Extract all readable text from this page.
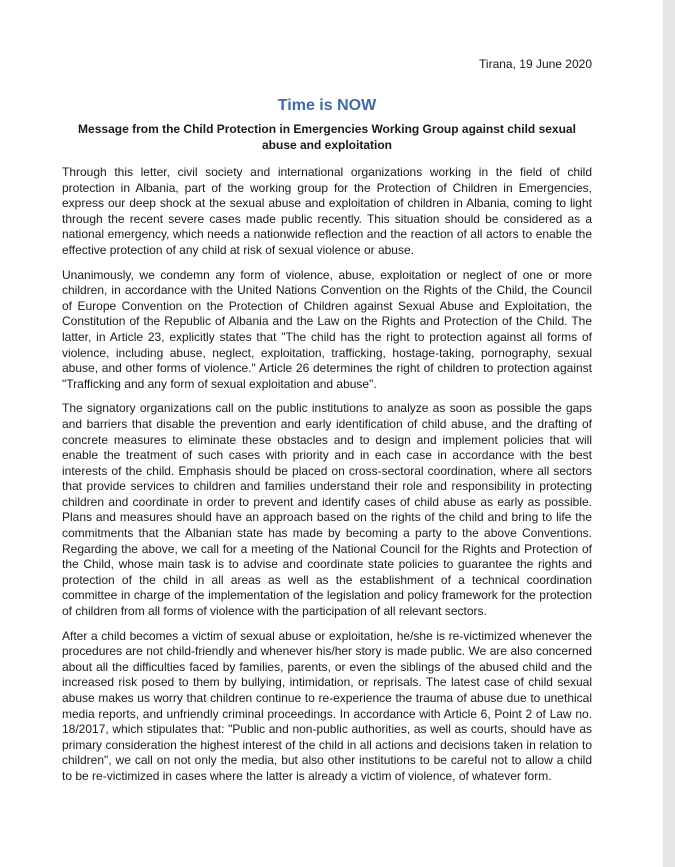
Tirana, 19 June 2020
Time is NOW
Message from the Child Protection in Emergencies Working Group against child sexual abuse and exploitation

Through this letter, civil society and international organizations working in the field of child protection in Albania, part of the working group for the Protection of Children in Emergencies, express our deep shock at the sexual abuse and exploitation of children in Albania, coming to light through the recent severe cases made public recently. This situation should be considered as a national emergency, which needs a nationwide reflection and the reaction of all actors to enable the effective protection of any child at risk of sexual violence or abuse.

Unanimously, we condemn any form of violence, abuse, exploitation or neglect of one or more children, in accordance with the United Nations Convention on the Rights of the Child, the Council of Europe Convention on the Protection of Children against Sexual Abuse and Exploitation, the Constitution of the Republic of Albania and the Law on the Rights and Protection of the Child. The latter, in Article 23, explicitly states that "The child has the right to protection against all forms of violence, including abuse, neglect, exploitation, trafficking, hostage-taking, pornography, sexual abuse, and other forms of violence." Article 26 determines the right of children to protection against "Trafficking and any form of sexual exploitation and abuse".

The signatory organizations call on the public institutions to analyze as soon as possible the gaps and barriers that disable the prevention and early identification of child abuse, and the drafting of concrete measures to eliminate these obstacles and to design and implement policies that will enable the treatment of such cases with priority and in each case in accordance with the best interests of the child. Emphasis should be placed on cross-sectoral coordination, where all sectors that provide services to children and families understand their role and responsibility in protecting children and coordinate in order to prevent and identify cases of child abuse as early as possible. Plans and measures should have an approach based on the rights of the child and bring to life the commitments that the Albanian state has made by becoming a party to the above Conventions. Regarding the above, we call for a meeting of the National Council for the Rights and Protection of the Child, whose main task is to advise and coordinate state policies to guarantee the rights and protection of the child in all areas as well as the establishment of a technical coordination committee in charge of the implementation of the legislation and policy framework for the protection of children from all forms of violence with the participation of all relevant sectors.

After a child becomes a victim of sexual abuse or exploitation, he/she is re-victimized whenever the procedures are not child-friendly and whenever his/her story is made public. We are also concerned about all the difficulties faced by families, parents, or even the siblings of the abused child and the increased risk posed to them by bullying, intimidation, or reprisals. The latest case of child sexual abuse makes us worry that children continue to re-experience the trauma of abuse due to unethical media reports, and unfriendly criminal proceedings. In accordance with Article 6, Point 2 of Law no. 18/2017, which stipulates that: "Public and non-public authorities, as well as courts, should have as primary consideration the highest interest of the child in all actions and decisions taken in relation to children", we call on not only the media, but also other institutions to be careful not to allow a child to be re-victimized in cases where the latter is already a victim of violence, of whatever form.
